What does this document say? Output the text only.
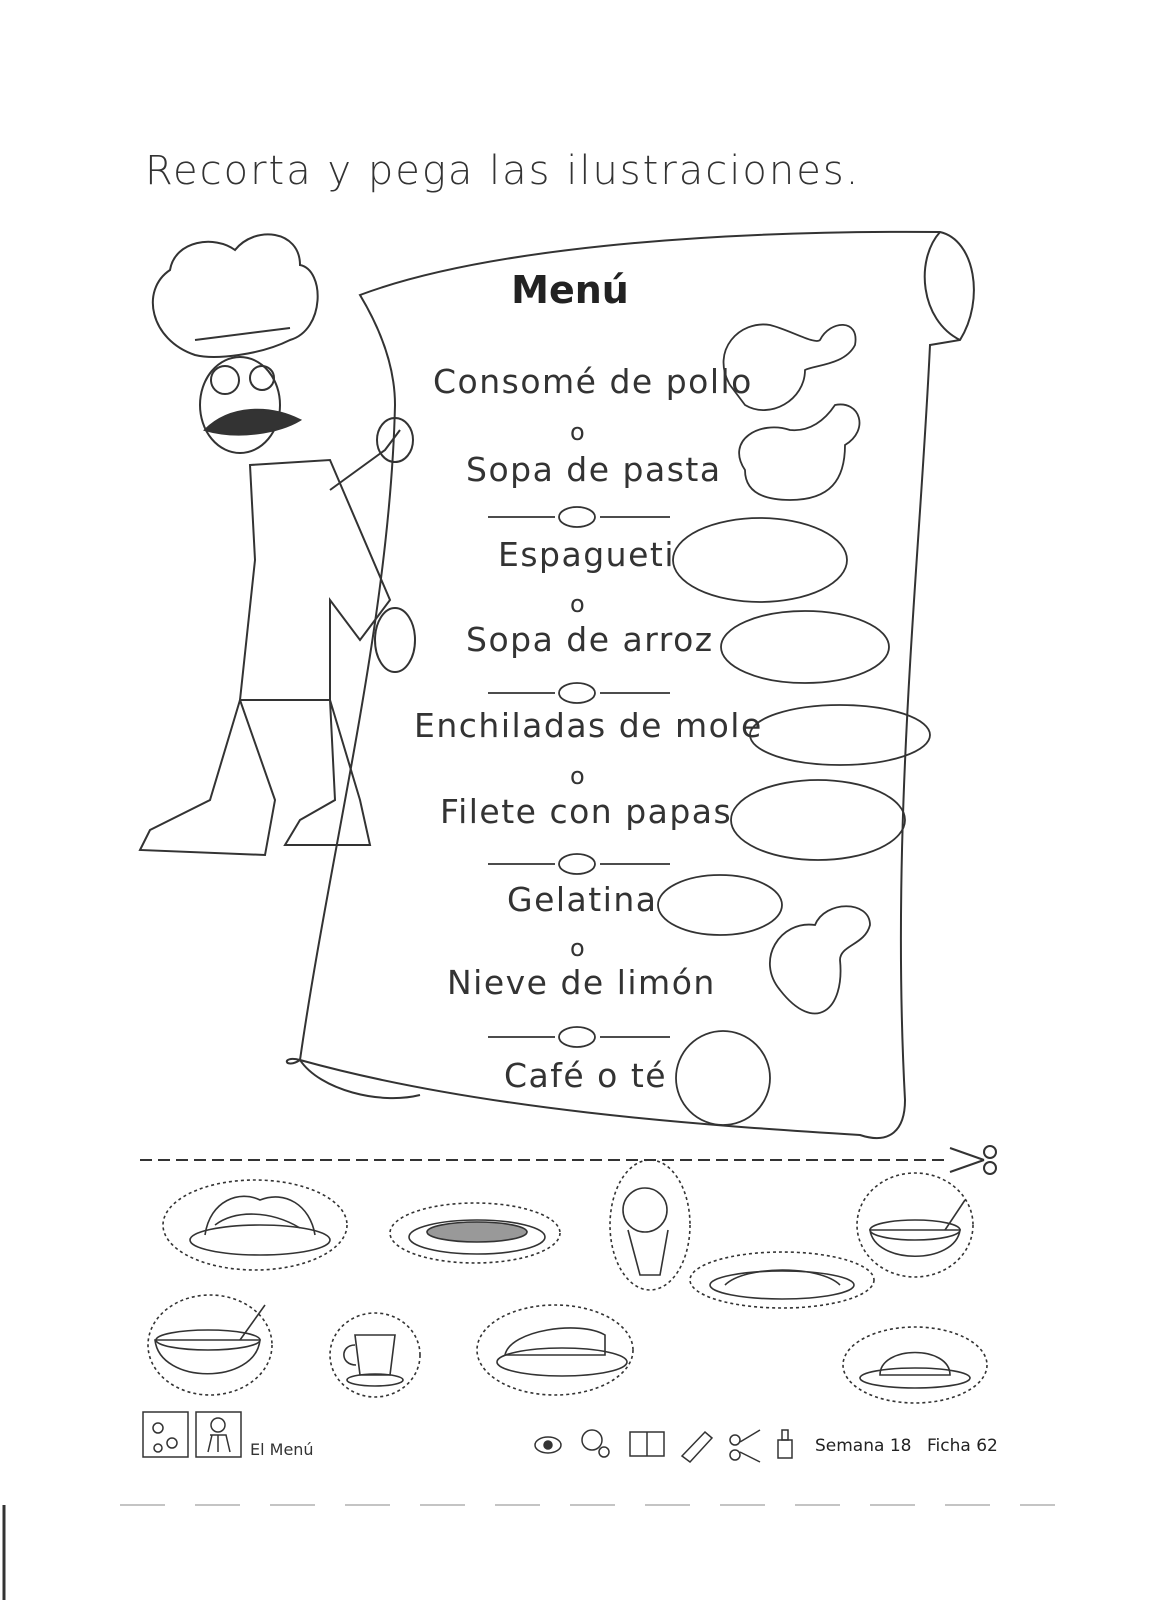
Recorta y pega las ilustraciones.
Menú
Consomé de pollo
o
Sopa de pasta
Espagueti
o
Sopa de arroz
Enchiladas de mole
o
Filete con papas
Gelatina
o
Nieve de limón
Café o té
El Menú	Semana 18 Ficha 62
